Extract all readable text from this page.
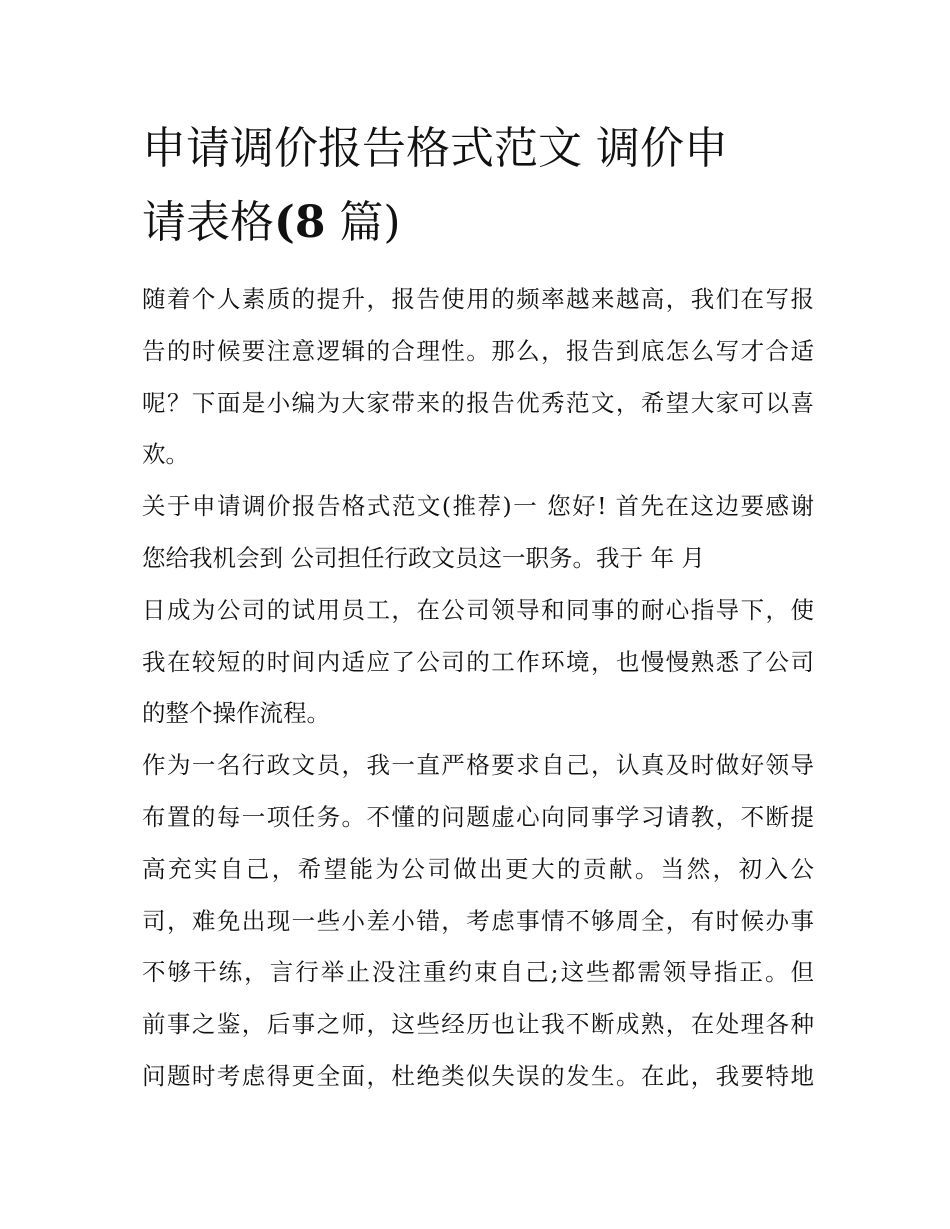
申请调价报告格式范文 调价申
请表格(8 篇)
随着个人素质的提升，报告使用的频率越来越高，我们在写报
告的时候要注意逻辑的合理性。那么，报告到底怎么写才合适
呢？下面是小编为大家带来的报告优秀范文，希望大家可以喜
欢。
关于申请调价报告格式范文(推荐)一 您好! 首先在这边要感谢
您给我机会到 公司担任行政文员这一职务。我于 年 月
日成为公司的试用员工，在公司领导和同事的耐心指导下，使
我在较短的时间内适应了公司的工作环境，也慢慢熟悉了公司
的整个操作流程。
作为一名行政文员，我一直严格要求自己，认真及时做好领导
布置的每一项任务。不懂的问题虚心向同事学习请教，不断提
高充实自己，希望能为公司做出更大的贡献。当然，初入公
司，难免出现一些小差小错，考虑事情不够周全，有时候办事
不够干练，言行举止没注重约束自己;这些都需领导指正。但
前事之鉴，后事之师，这些经历也让我不断成熟，在处理各种
问题时考虑得更全面，杜绝类似失误的发生。在此，我要特地
